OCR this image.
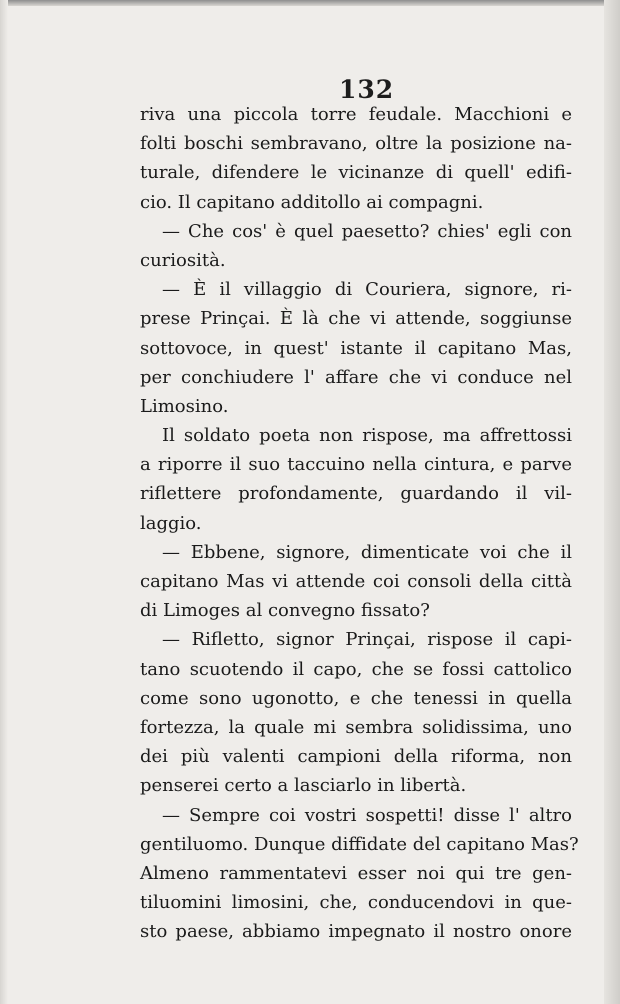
132
riva una piccola torre feudale. Macchioni e
folti boschi sembravano, oltre la posizione na-
turale, difendere le vicinanze di quell' edifi-
cio. Il capitano additollo ai compagni.
— Che cos' è quel paesetto? chies' egli con
curiosità.
— È il villaggio di Couriera, signore, ri-
prese Prinçai. È là che vi attende, soggiunse
sottovoce, in quest' istante il capitano Mas,
per conchiudere l' affare che vi conduce nel
Limosino.
Il soldato poeta non rispose, ma affrettossi
a riporre il suo taccuino nella cintura, e parve
riflettere profondamente, guardando il vil-
laggio.
— Ebbene, signore, dimenticate voi che il
capitano Mas vi attende coi consoli della città
di Limoges al convegno fissato?
— Rifletto, signor Prinçai, rispose il capi-
tano scuotendo il capo, che se fossi cattolico
come sono ugonotto, e che tenessi in quella
fortezza, la quale mi sembra solidissima, uno
dei più valenti campioni della riforma, non
penserei certo a lasciarlo in libertà.
— Sempre coi vostri sospetti! disse l' altro
gentiluomo. Dunque diffidate del capitano Mas?
Almeno rammentatevi esser noi qui tre gen-
tiluomini limosini, che, conducendovi in que-
sto paese, abbiamo impegnato il nostro onore
